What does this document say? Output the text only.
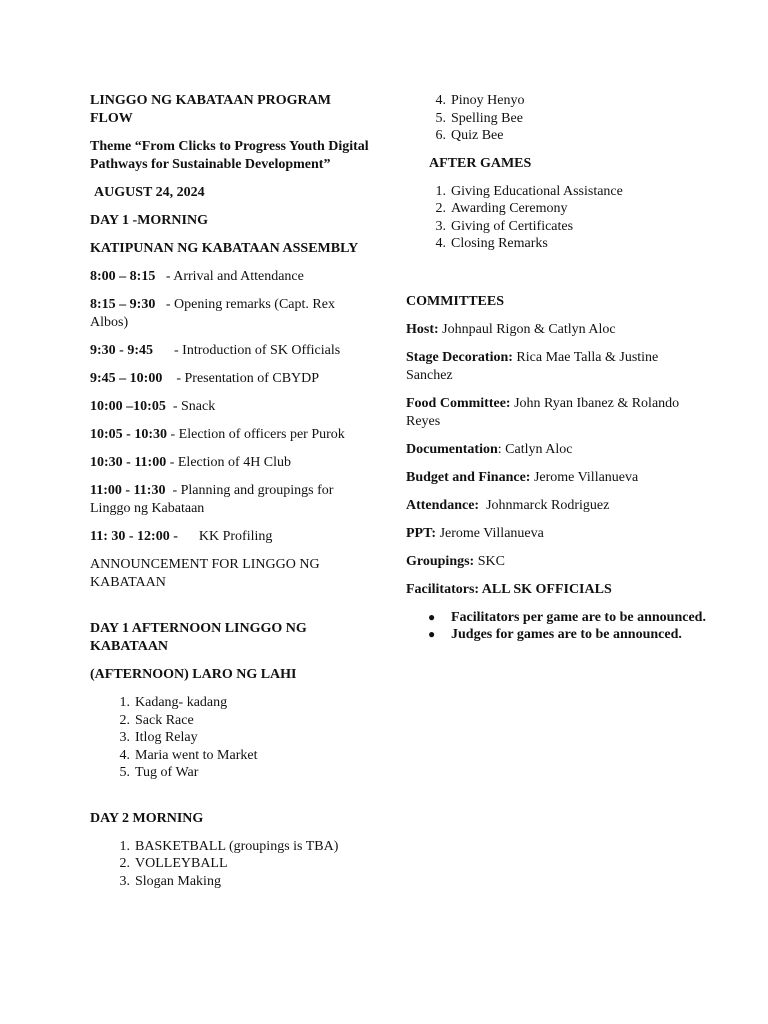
LINGGO NG KABATAAN PROGRAM FLOW

Theme “From Clicks to Progress Youth Digital Pathways for Sustainable Development”

AUGUST 24, 2024

DAY 1 -MORNING

KATIPUNAN NG KABATAAN ASSEMBLY

8:00 – 8:15 - Arrival and Attendance

8:15 – 9:30 - Opening remarks (Capt. Rex Albos)

9:30 - 9:45 - Introduction of SK Officials

9:45 – 10:00 - Presentation of CBYDP

10:00 –10:05 - Snack

10:05 - 10:30 - Election of officers per Purok

10:30 - 11:00 - Election of 4H Club

11:00 - 11:30 - Planning and groupings for Linggo ng Kabataan

11: 30 - 12:00 - KK Profiling

ANNOUNCEMENT FOR LINGGO NG KABATAAN

DAY 1 AFTERNOON LINGGO NG KABATAAN

(AFTERNOON) LARO NG LAHI

1. Kadang- kadang
2. Sack Race
3. Itlog Relay
4. Maria went to Market
5. Tug of War

DAY 2 MORNING

1. BASKETBALL (groupings is TBA)
2. VOLLEYBALL
3. Slogan Making
4. Pinoy Henyo
5. Spelling Bee
6. Quiz Bee

AFTER GAMES

1. Giving Educational Assistance
2. Awarding Ceremony
3. Giving of Certificates
4. Closing Remarks

COMMITTEES

Host: Johnpaul Rigon & Catlyn Aloc

Stage Decoration: Rica Mae Talla & Justine Sanchez

Food Committee: John Ryan Ibanez & Rolando Reyes

Documentation: Catlyn Aloc

Budget and Finance: Jerome Villanueva

Attendance: Johnmarck Rodriguez

PPT: Jerome Villanueva

Groupings: SKC

Facilitators: ALL SK OFFICIALS

● Facilitators per game are to be announced.
● Judges for games are to be announced.
